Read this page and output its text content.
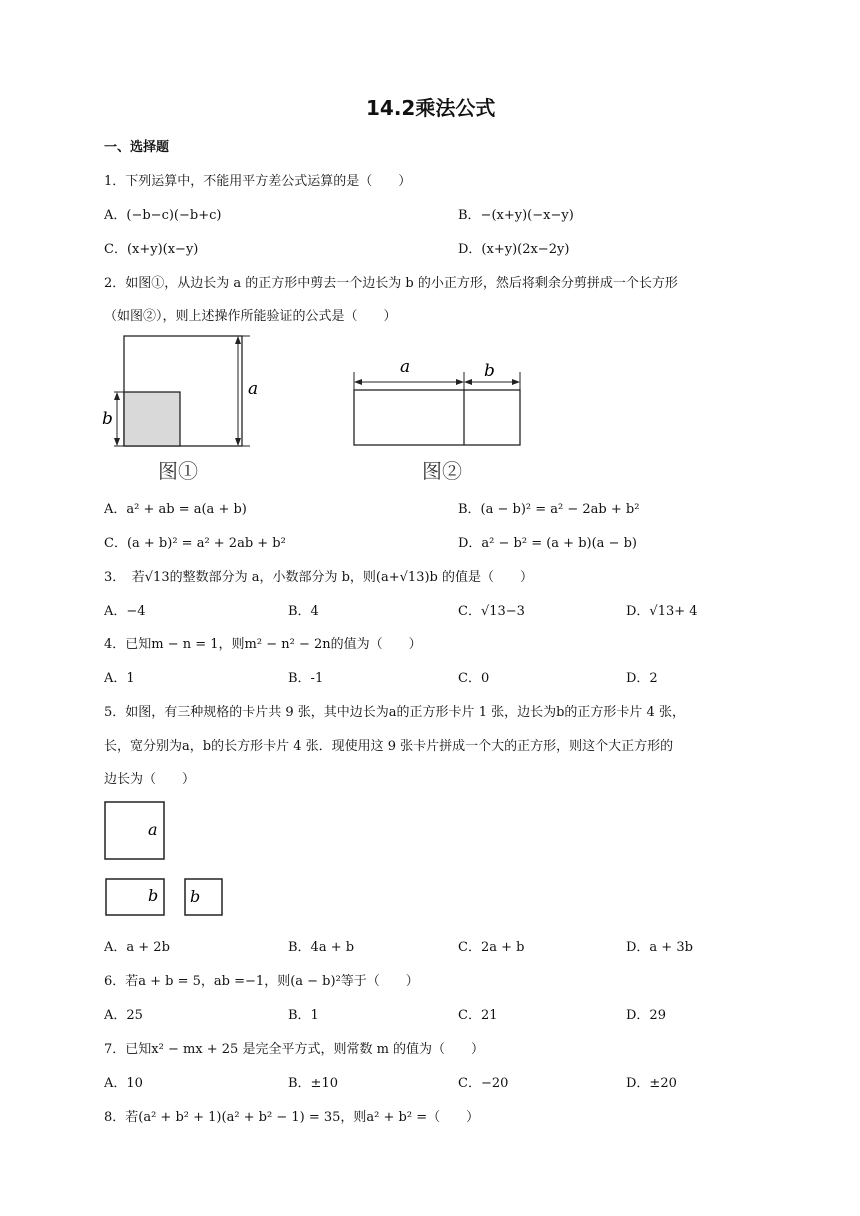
14.2乘法公式
一、选择题
1．下列运算中，不能用平方差公式运算的是（　　）
A．(−b−c)(−b+c)	B．−(x+y)(−x−y)
C．(x+y)(x−y)	D．(x+y)(2x−2y)
2．如图①，从边长为 a 的正方形中剪去一个边长为 b 的小正方形，然后将剩余分剪拼成一个长方形
（如图②），则上述操作所能验证的公式是（　　）
b
a
图①
a	b
图②
A．a² + ab = a(a + b)	B．(a − b)² = a² − 2ab + b²
C．(a + b)² = a² + 2ab + b²	D．a² − b² = (a + b)(a − b)
3．　若√13的整数部分为 a，小数部分为 b，则(a+√13)b 的值是（　　）
A．−4	B．4	C．√13−3	D．√13+ 4
4．已知m − n = 1，则m² − n² − 2n的值为（　　）
A．1	B．-1	C．0	D．2
5．如图，有三种规格的卡片共 9 张，其中边长为a的正方形卡片 1 张，边长为b的正方形卡片 4 张，
长，宽分别为a，b的长方形卡片 4 张．现使用这 9 张卡片拼成一个大的正方形，则这个大正方形的
边长为（　　）
a
b b
A．a + 2b	B．4a + b	C．2a + b	D．a + 3b
6．若a + b = 5，ab =−1，则(a − b)²等于（　　）
A．25	B．1	C．21	D．29
7．已知x² − mx + 25 是完全平方式，则常数 m 的值为（　　）
A．10	B．±10	C．−20	D．±20
8．若(a² + b² + 1)(a² + b² − 1) = 35，则a² + b² =（　　）
